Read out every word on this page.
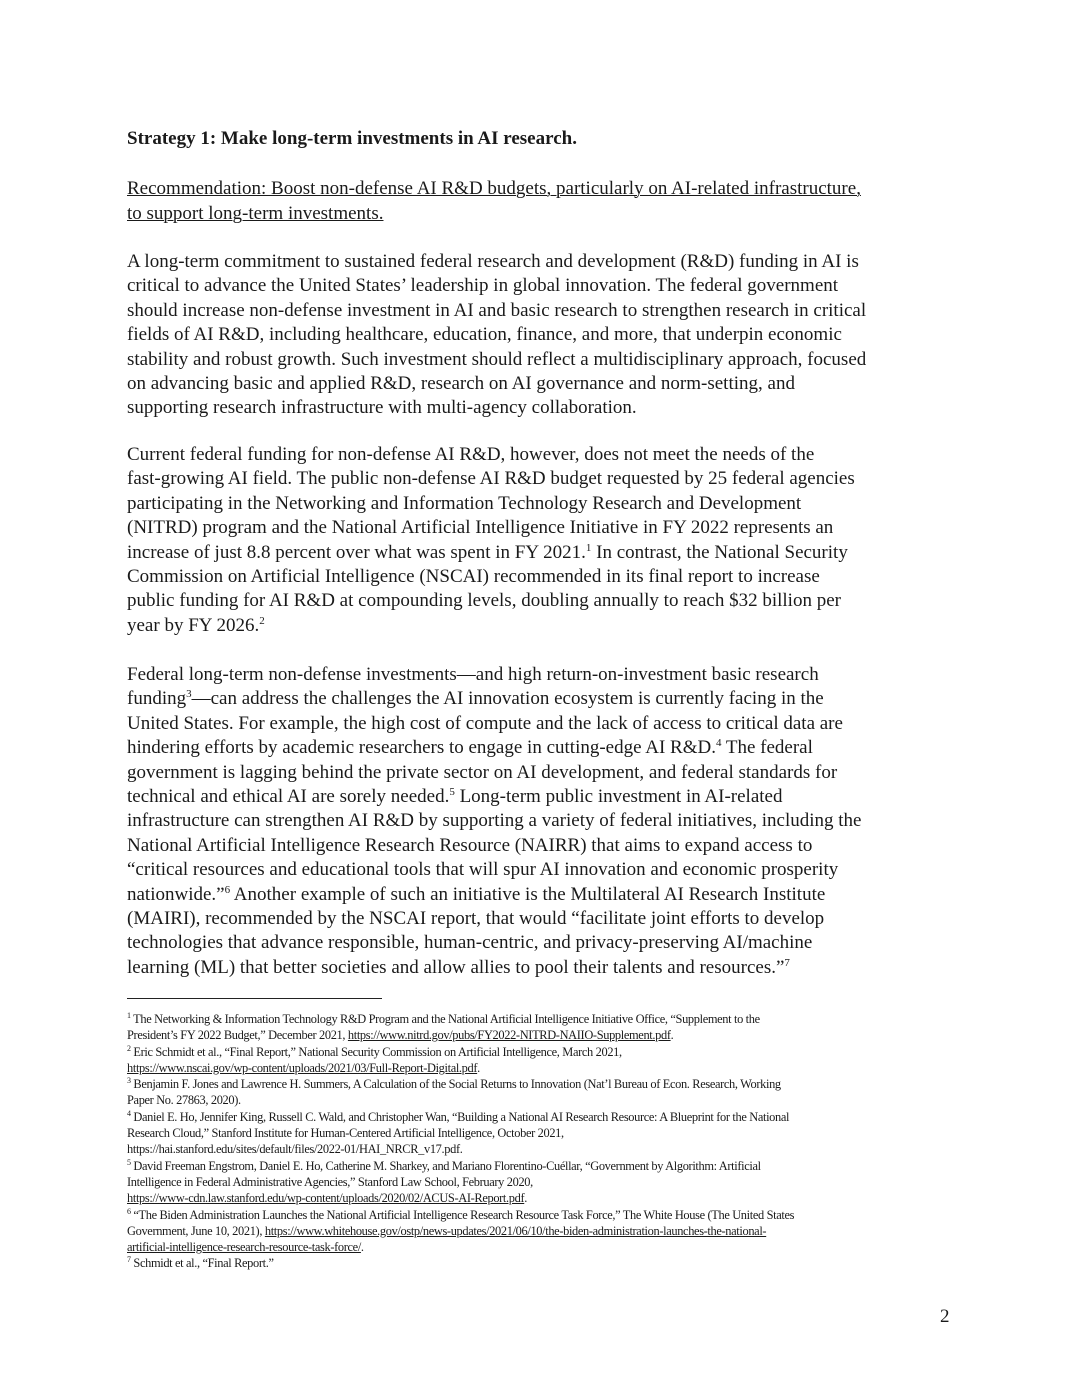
Strategy 1: Make long-term investments in AI research.
Recommendation: Boost non-defense AI R&D budgets, particularly on AI-related infrastructure,
to support long-term investments.
A long-term commitment to sustained federal research and development (R&D) funding in AI is
critical to advance the United States’ leadership in global innovation. The federal government
should increase non-defense investment in AI and basic research to strengthen research in critical
fields of AI R&D, including healthcare, education, finance, and more, that underpin economic
stability and robust growth. Such investment should reflect a multidisciplinary approach, focused
on advancing basic and applied R&D, research on AI governance and norm-setting, and
supporting research infrastructure with multi-agency collaboration.
Current federal funding for non-defense AI R&D, however, does not meet the needs of the
fast-growing AI field. The public non-defense AI R&D budget requested by 25 federal agencies
participating in the Networking and Information Technology Research and Development
(NITRD) program and the National Artificial Intelligence Initiative in FY 2022 represents an
increase of just 8.8 percent over what was spent in FY 2021.$^1$ In contrast, the National Security
Commission on Artificial Intelligence (NSCAI) recommended in its final report to increase
public funding for AI R&D at compounding levels, doubling annually to reach $32 billion per
year by FY 2026.$^2$
Federal long-term non-defense investments—and high return-on-investment basic research
funding$^3$—can address the challenges the AI innovation ecosystem is currently facing in the
United States. For example, the high cost of compute and the lack of access to critical data are
hindering efforts by academic researchers to engage in cutting-edge AI R&D.$^4$ The federal
government is lagging behind the private sector on AI development, and federal standards for
technical and ethical AI are sorely needed.$^5$ Long-term public investment in AI-related
infrastructure can strengthen AI R&D by supporting a variety of federal initiatives, including the
National Artificial Intelligence Research Resource (NAIRR) that aims to expand access to
“critical resources and educational tools that will spur AI innovation and economic prosperity
nationwide.”$^6$ Another example of such an initiative is the Multilateral AI Research Institute
(MAIRI), recommended by the NSCAI report, that would “facilitate joint efforts to develop
technologies that advance responsible, human-centric, and privacy-preserving AI/machine
learning (ML) that better societies and allow allies to pool their talents and resources.”$^7$
$^1$ The Networking & Information Technology R&D Program and the National Artificial Intelligence Initiative Office, “Supplement to the
President’s FY 2022 Budget,” December 2021, https://www.nitrd.gov/pubs/FY2022-NITRD-NAIIO-Supplement.pdf.
$^2$ Eric Schmidt et al., “Final Report,” National Security Commission on Artificial Intelligence, March 2021,
https://www.nscai.gov/wp-content/uploads/2021/03/Full-Report-Digital.pdf.
$^3$ Benjamin F. Jones and Lawrence H. Summers, A Calculation of the Social Returns to Innovation (Nat’l Bureau of Econ. Research, Working
Paper No. 27863, 2020).
$^4$ Daniel E. Ho, Jennifer King, Russell C. Wald, and Christopher Wan, “Building a National AI Research Resource: A Blueprint for the National
Research Cloud,” Stanford Institute for Human-Centered Artificial Intelligence, October 2021,
https://hai.stanford.edu/sites/default/files/2022-01/HAI_NRCR_v17.pdf.
$^5$ David Freeman Engstrom, Daniel E. Ho, Catherine M. Sharkey, and Mariano Florentino-Cuéllar, “Government by Algorithm: Artificial
Intelligence in Federal Administrative Agencies,” Stanford Law School, February 2020,
https://www-cdn.law.stanford.edu/wp-content/uploads/2020/02/ACUS-AI-Report.pdf.
$^6$ “The Biden Administration Launches the National Artificial Intelligence Research Resource Task Force,” The White House (The United States
Government, June 10, 2021), https://www.whitehouse.gov/ostp/news-updates/2021/06/10/the-biden-administration-launches-the-national-
artificial-intelligence-research-resource-task-force/.
$^7$ Schmidt et al., “Final Report.”
2
